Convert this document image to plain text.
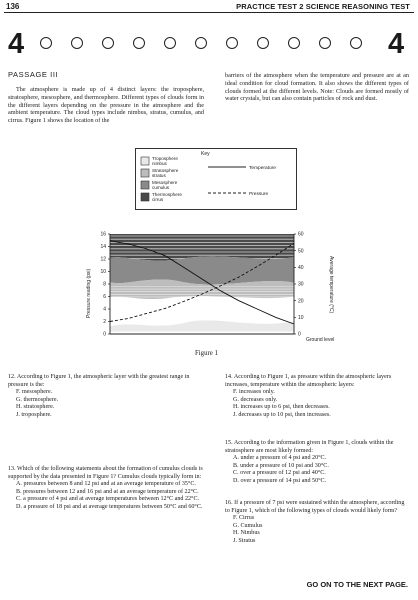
136	PRACTICE TEST 2 SCIENCE REASONING TEST
4	4
PASSAGE III
The atmosphere is made up of 4 distinct layers: the troposphere, stratosphere, mesosphere, and thermosphere. Different types of clouds form in the different layers depending on the pressure in the atmosphere and the ambient temperature. The cloud types include nimbus, stratus, cumulus, and cirrus. Figure 1 shows the location of the
barriers of the atmosphere when the temperature and pressure are at an ideal condition for cloud formation. It also shows the different types of clouds formed at the different levels. Note: Clouds are formed mostly of water crystals, but can also contain particles of rock and dust.
Key
Troposphere
nimbus
Stratosphere
stratus
Mesosphere
cumulus
Thermosphere
cirrus
Temperature
Pressure
0
2
4
6
8
10
12
14
16
0
10
20
30
40
50
60
Pressure reading (psi)	Average temperature (°C)
Ground level
Figure 1
12. According to Figure 1, the atmospheric layer with the greatest range in pressure is the:
F. mesosphere.
G. thermosphere.
H. stratosphere.
J. troposphere.
13. Which of the following statements about the formation of cumulus clouds is supported by the data presented in Figure 1? Cumulus clouds typically form in:
A. pressures between 8 and 12 psi and at an average temperature of 35°C.
B. pressures between 12 and 16 psi and at an average temperature of 22°C.
C. a pressure of 4 psi and at average temperatures between 12°C and 22°C.
D. a pressure of 18 psi and at average temperatures between 50°C and 60°C.
14. According to Figure 1, as pressure within the atmospheric layers increases, temperature within the atmospheric layers:
F. increases only.
G. decreases only.
H. increases up to 6 psi, then decreases.
J. decreases up to 10 psi, then increases.
15. According to the information given in Figure 1, clouds within the stratosphere are most likely formed:
A. under a pressure of 4 psi and 20°C.
B. under a pressure of 10 psi and 30°C.
C. over a pressure of 12 psi and 40°C.
D. over a pressure of 14 psi and 50°C.
16. If a pressure of 7 psi were sustained within the atmosphere, according to Figure 1, which of the following types of clouds would likely form?
F. Cirrus
G. Cumulus
H. Nimbus
J. Stratus
GO ON TO THE NEXT PAGE.
